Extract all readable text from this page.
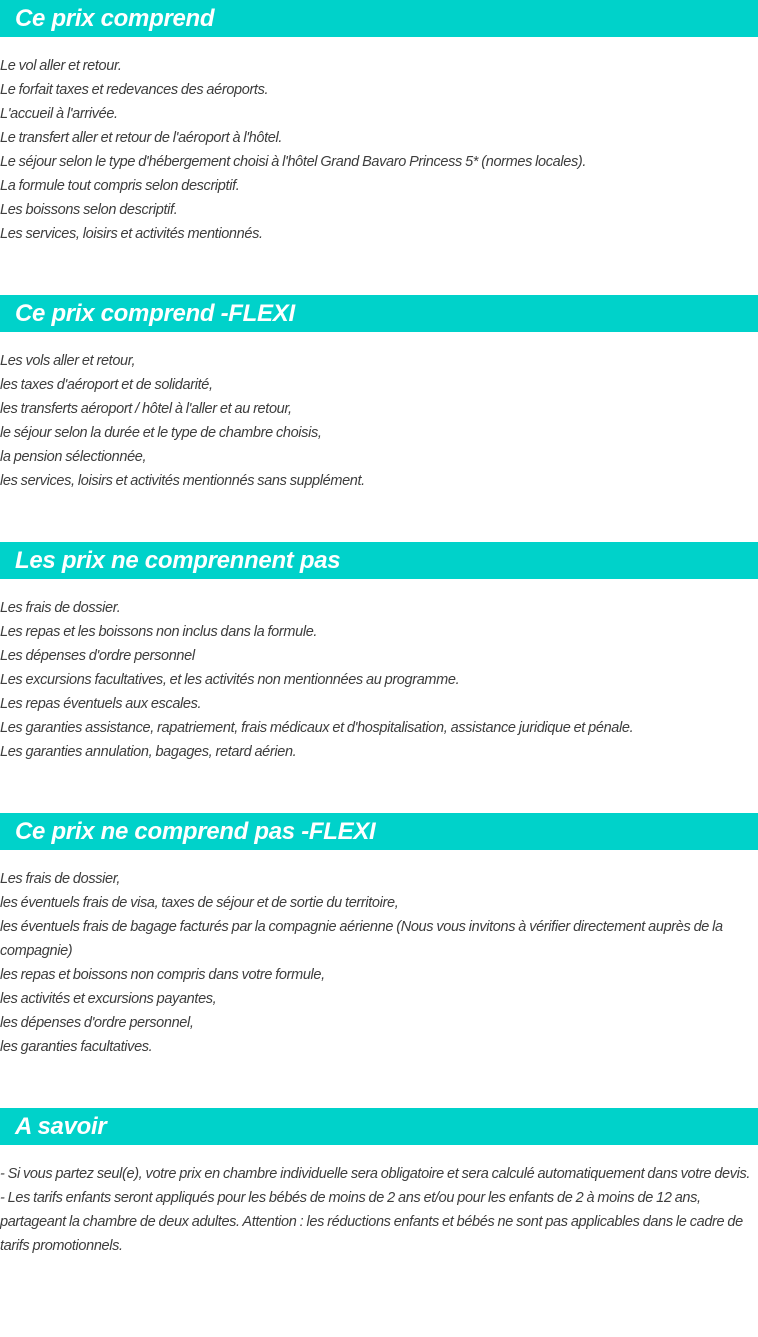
Ce prix comprend
Le vol aller et retour.
Le forfait taxes et redevances des aéroports.
L'accueil à l'arrivée.
Le transfert aller et retour de l'aéroport à l'hôtel.
Le séjour selon le type d'hébergement choisi à l'hôtel Grand Bavaro Princess 5* (normes locales).
La formule tout compris selon descriptif.
Les boissons selon descriptif.
Les services, loisirs et activités mentionnés.
Ce prix comprend -FLEXI
Les vols aller et retour,
les taxes d'aéroport et de solidarité,
les transferts aéroport / hôtel à l'aller et au retour,
le séjour selon la durée et le type de chambre choisis,
la pension sélectionnée,
les services, loisirs et activités mentionnés sans supplément.
Les prix ne comprennent pas
Les frais de dossier.
Les repas et les boissons non inclus dans la formule.
Les dépenses d'ordre personnel
Les excursions facultatives, et les activités non mentionnées au programme.
Les repas éventuels aux escales.
Les garanties assistance, rapatriement, frais médicaux et d'hospitalisation, assistance juridique et pénale.
Les garanties annulation, bagages, retard aérien.
Ce prix ne comprend pas -FLEXI
Les frais de dossier,
les éventuels frais de visa, taxes de séjour et de sortie du territoire,
les éventuels frais de bagage facturés par la compagnie aérienne (Nous vous invitons à vérifier directement auprès de la compagnie)
les repas et boissons non compris dans votre formule,
les activités et excursions payantes,
les dépenses d'ordre personnel,
les garanties facultatives.
A savoir
- Si vous partez seul(e), votre prix en chambre individuelle sera obligatoire et sera calculé automatiquement dans votre devis.
- Les tarifs enfants seront appliqués pour les bébés de moins de 2 ans et/ou pour les enfants de 2 à moins de 12 ans, partageant la chambre de deux adultes. Attention : les réductions enfants et bébés ne sont pas applicables dans le cadre de tarifs promotionnels.
